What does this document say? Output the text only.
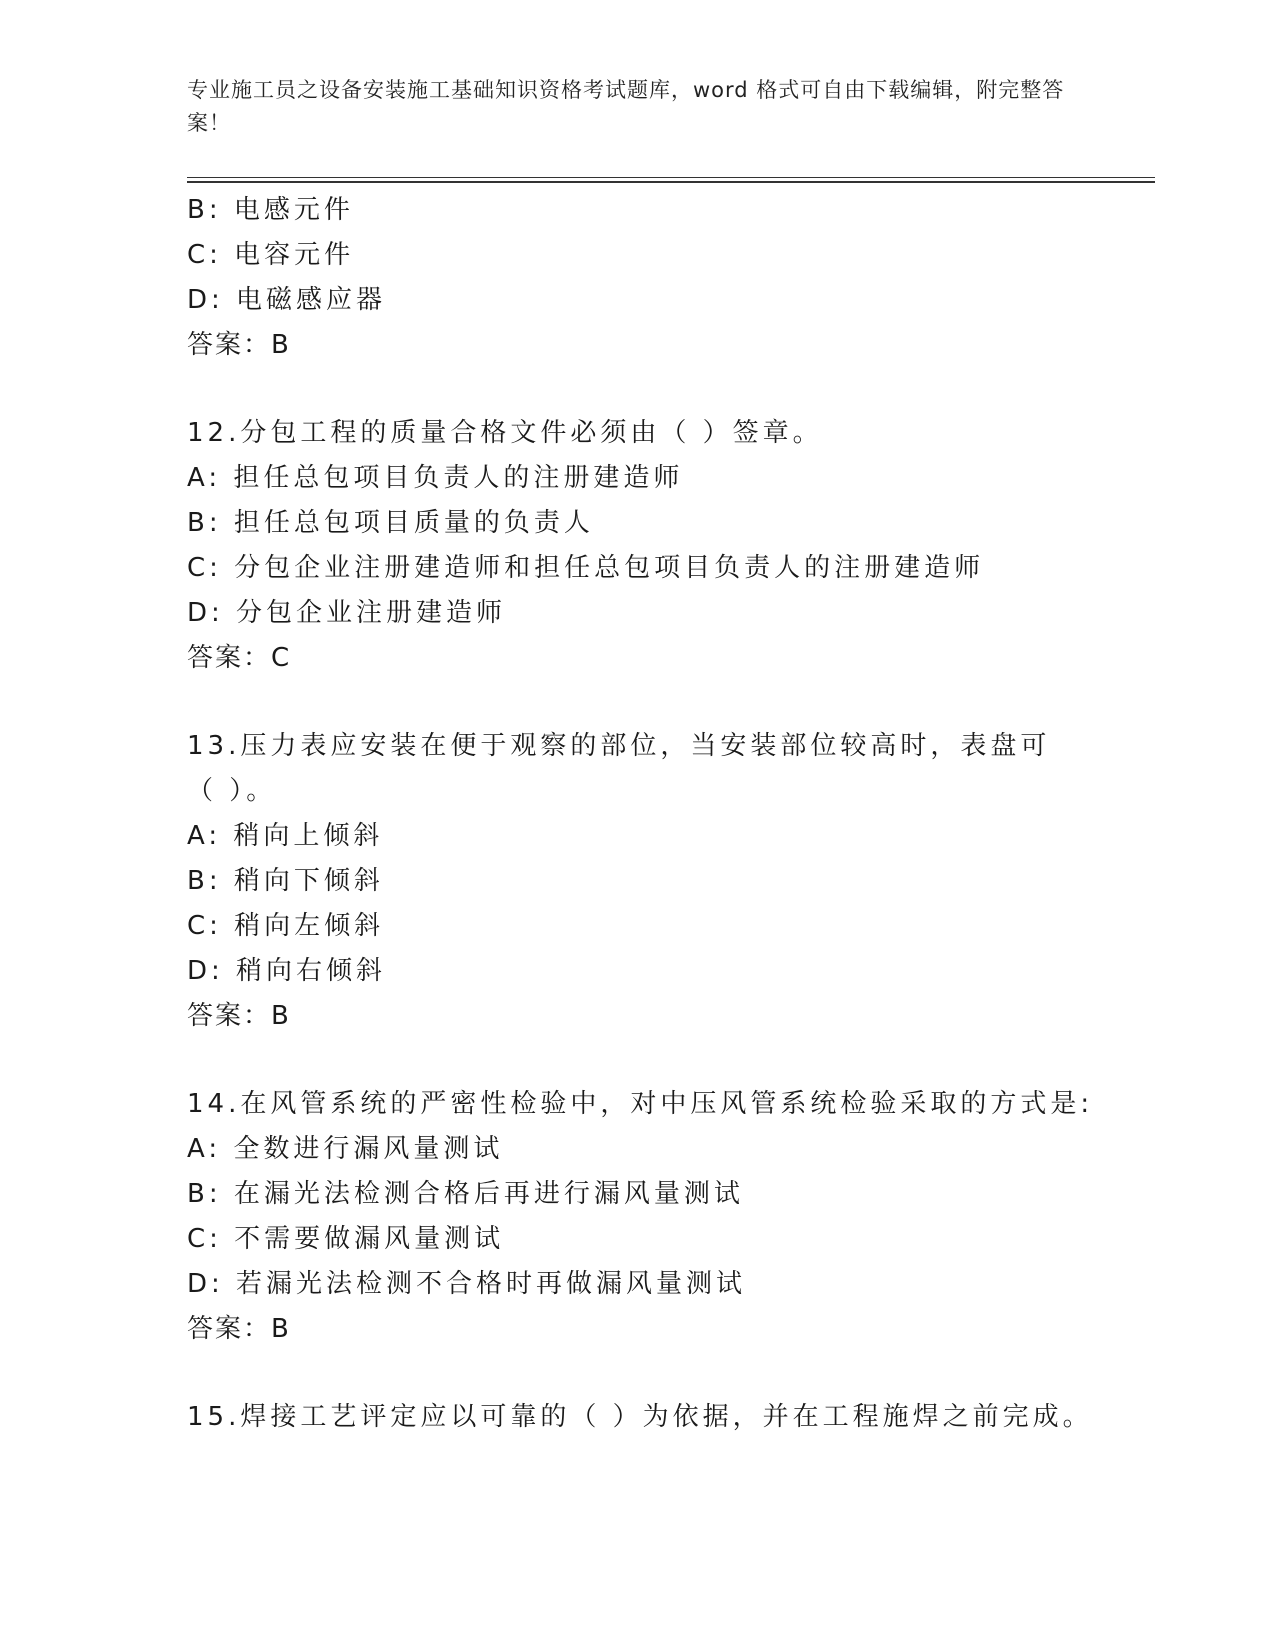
专业施工员之设备安装施工基础知识资格考试题库，word 格式可自由下载编辑，附完整答案！
B: 电感元件
C: 电容元件
D: 电磁感应器
答案：B
12.分包工程的质量合格文件必须由（ ）签章。
A: 担任总包项目负责人的注册建造师
B: 担任总包项目质量的负责人
C: 分包企业注册建造师和担任总包项目负责人的注册建造师
D: 分包企业注册建造师
答案：C
13.压力表应安装在便于观察的部位，当安装部位较高时，表盘可（ ）。
A: 稍向上倾斜
B: 稍向下倾斜
C: 稍向左倾斜
D: 稍向右倾斜
答案：B
14.在风管系统的严密性检验中，对中压风管系统检验采取的方式是:
A: 全数进行漏风量测试
B: 在漏光法检测合格后再进行漏风量测试
C: 不需要做漏风量测试
D: 若漏光法检测不合格时再做漏风量测试
答案：B
15.焊接工艺评定应以可靠的（ ）为依据，并在工程施焊之前完成。
